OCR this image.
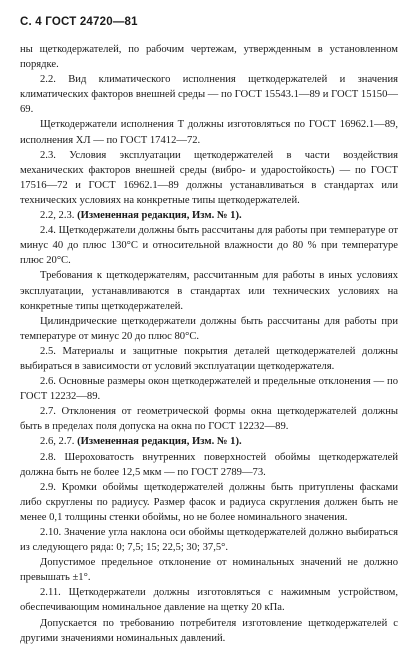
С. 4 ГОСТ 24720—81

ны щеткодержателей, по рабочим чертежам, утвержденным в установленном порядке.

2.2. Вид климатического исполнения щеткодержателей и значения климатических факторов внешней среды — по ГОСТ 15543.1—89 и ГОСТ 15150—69.

Щеткодержатели исполнения Т должны изготовляться по ГОСТ 16962.1—89, исполнения ХЛ — по ГОСТ 17412—72.

2.3. Условия эксплуатации щеткодержателей в части воздействия механических факторов внешней среды (вибро- и ударостойкость) — по ГОСТ 17516—72 и ГОСТ 16962.1—89 должны устанавливаться в стандартах или технических условиях на конкретные типы щеткодержателей.

2.2, 2.3. (Измененная редакция, Изм. № 1).

2.4. Щеткодержатели должны быть рассчитаны для работы при температуре от минус 40 до плюс 130°С и относительной влажности до 80 % при температуре плюс 20°С.

Требования к щеткодержателям, рассчитанным для работы в иных условиях эксплуатации, устанавливаются в стандартах или технических условиях на конкретные типы щеткодержателей.

Цилиндрические щеткодержатели должны быть рассчитаны для работы при температуре от минус 20 до плюс 80°С.

2.5. Материалы и защитные покрытия деталей щеткодержателей должны выбираться в зависимости от условий эксплуатации щеткодержателя.

2.6. Основные размеры окон щеткодержателей и предельные отклонения — по ГОСТ 12232—89.

2.7. Отклонения от геометрической формы окна щеткодержателей должны быть в пределах поля допуска на окна по ГОСТ 12232—89.

2.6, 2.7. (Измененная редакция, Изм. № 1).

2.8. Шероховатость внутренних поверхностей обоймы щеткодержателей должна быть не более 12,5 мкм — по ГОСТ 2789—73.

2.9. Кромки обоймы щеткодержателей должны быть притуплены фасками либо скруглены по радиусу. Размер фасок и радиуса скругления должен быть не менее 0,1 толщины стенки обоймы, но не более номинального значения.

2.10. Значение угла наклона оси обоймы щеткодержателей должно выбираться из следующего ряда: 0; 7,5; 15; 22,5; 30; 37,5°.

Допустимое предельное отклонение от номинальных значений не должно превышать ±1°.

2.11. Щеткодержатели должны изготовляться с нажимным устройством, обеспечивающим номинальное давление на щетку 20 кПа.

Допускается по требованию потребителя изготовление щеткодержателей с другими значениями номинальных давлений.
